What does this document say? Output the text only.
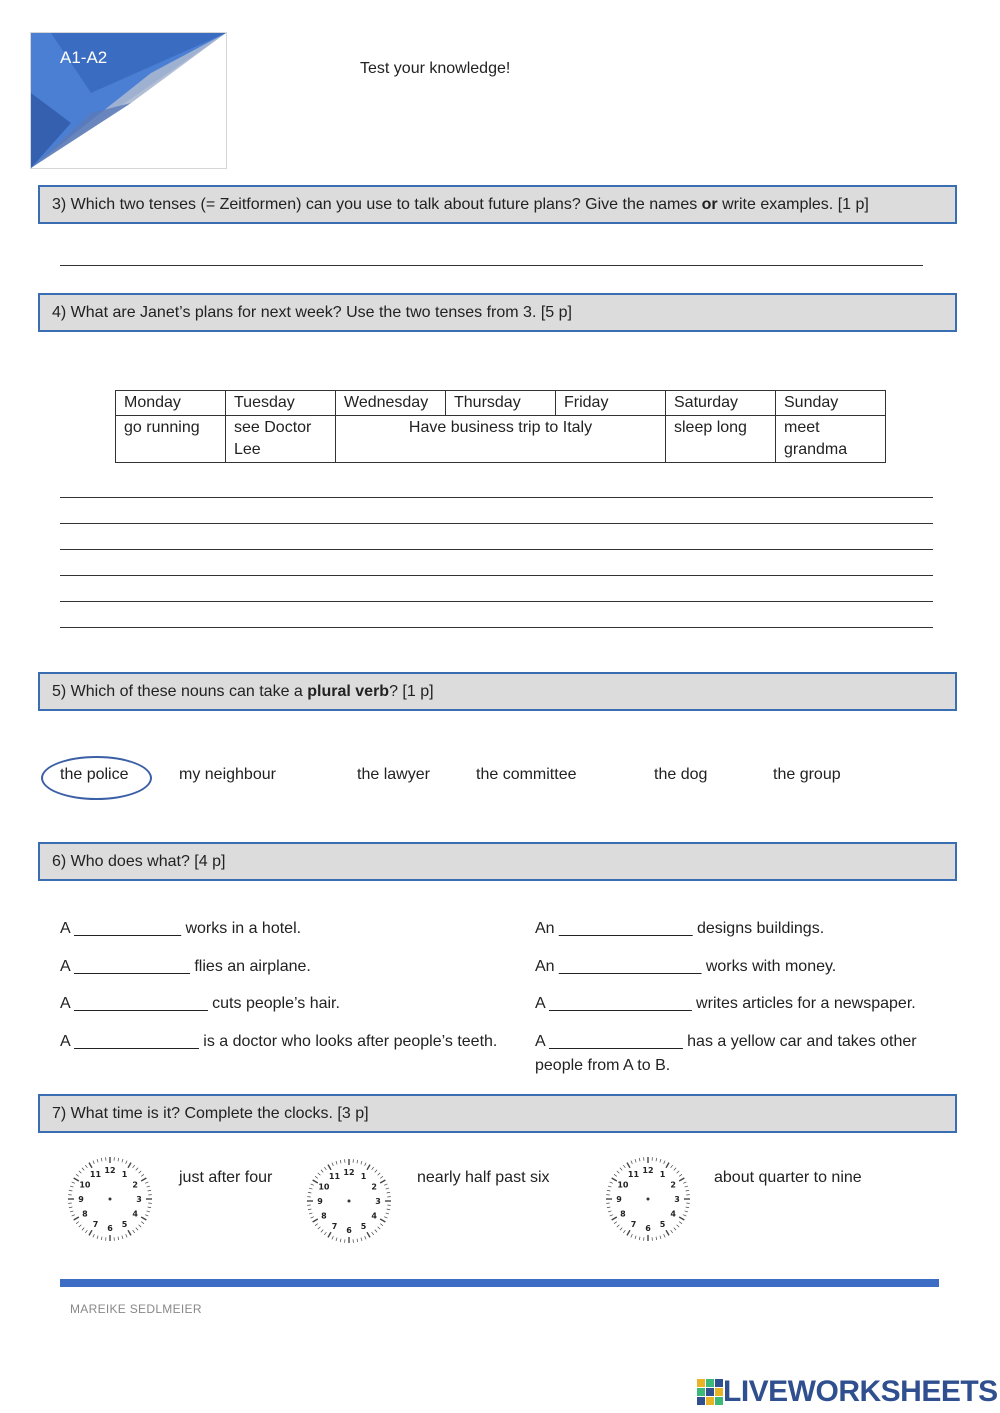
A1-A2
Test your knowledge!
3) Which two tenses (= Zeitformen) can you use to talk about future plans? Give the names or write examples. [1 p]
4) What are Janet’s plans for next week? Use the two tenses from 3. [5 p]
Monday	Tuesday	Wednesday	Thursday	Friday	Saturday	Sunday
go running	see Doctor Lee	Have business trip to Italy			sleep long	meet grandma
5) Which of these nouns can take a plural verb? [1 p]
the police	my neighbour	the lawyer	the committee	the dog	the group
6) Who does what? [4 p]
A ____________ works in a hotel.
A _____________ flies an airplane.
A _______________ cuts people’s hair.
A ______________ is a doctor who looks after people’s teeth.
An _______________ designs buildings.
An ________________ works with money.
A ________________ writes articles for a newspaper.
A _______________ has a yellow car and takes other people from A to B.
7) What time is it? Complete the clocks. [3 p]
12 1
2
3
4
5
6
7
8
9
10
11	just after four	12 1
2
3
4
5
6
7
8
9
10
11	nearly half past six	12 1
2
3
4
5
6
7
8
9
10
11	about quarter to nine
MAREIKE SEDLMEIER
LIVEWORKSHEETS
